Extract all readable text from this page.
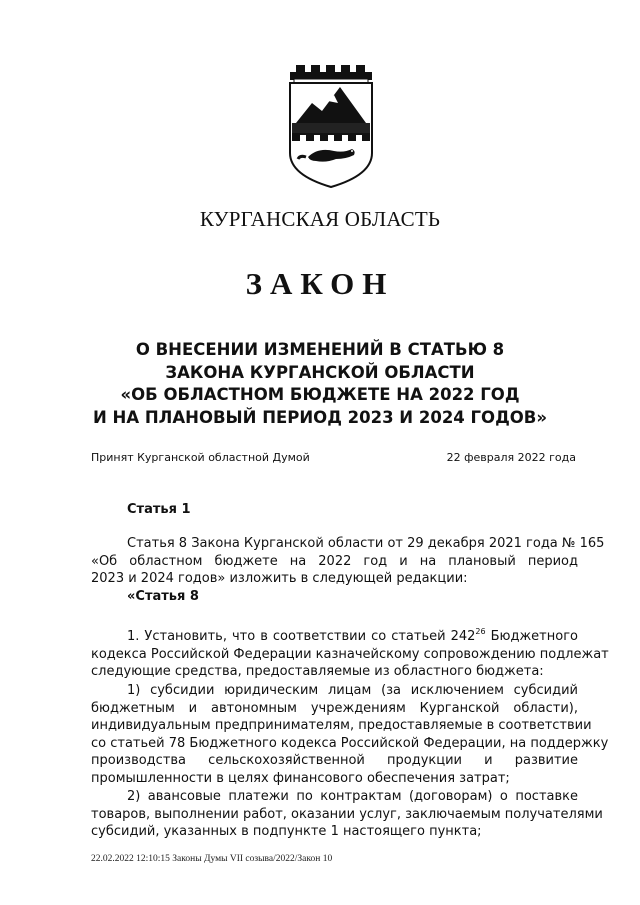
КУРГАНСКАЯ ОБЛАСТЬ
ЗАКОН
О ВНЕСЕНИИ ИЗМЕНЕНИЙ В СТАТЬЮ 8
ЗАКОНА КУРГАНСКОЙ ОБЛАСТИ
«ОБ ОБЛАСТНОМ БЮДЖЕТЕ НА 2022 ГОД
И НА ПЛАНОВЫЙ ПЕРИОД 2023 И 2024 ГОДОВ»
Принят Курганской областной Думой	22 февраля 2022 года
Статья 1
Статья 8 Закона Курганской области от 29 декабря 2021 года № 165
«Об областном бюджете на 2022 год и на плановый период
2023 и 2024 годов» изложить в следующей редакции:
«Статья 8
1. Установить, что в соответствии со статьей $242^{26}$ Бюджетного
кодекса Российской Федерации казначейскому сопровождению подлежат
следующие средства, предоставляемые из областного бюджета:
1) субсидии юридическим лицам (за исключением субсидий
бюджетным и автономным учреждениям Курганской области),
индивидуальным предпринимателям, предоставляемые в соответствии
со статьей 78 Бюджетного кодекса Российской Федерации, на поддержку
производства сельскохозяйственной продукции и развитие
промышленности в целях финансового обеспечения затрат;
2) авансовые платежи по контрактам (договорам) о поставке
товаров, выполнении работ, оказании услуг, заключаемым получателями
субсидий, указанных в подпункте 1 настоящего пункта;
22.02.2022 12:10:15 Законы Думы VII созыва/2022/Закон 10
